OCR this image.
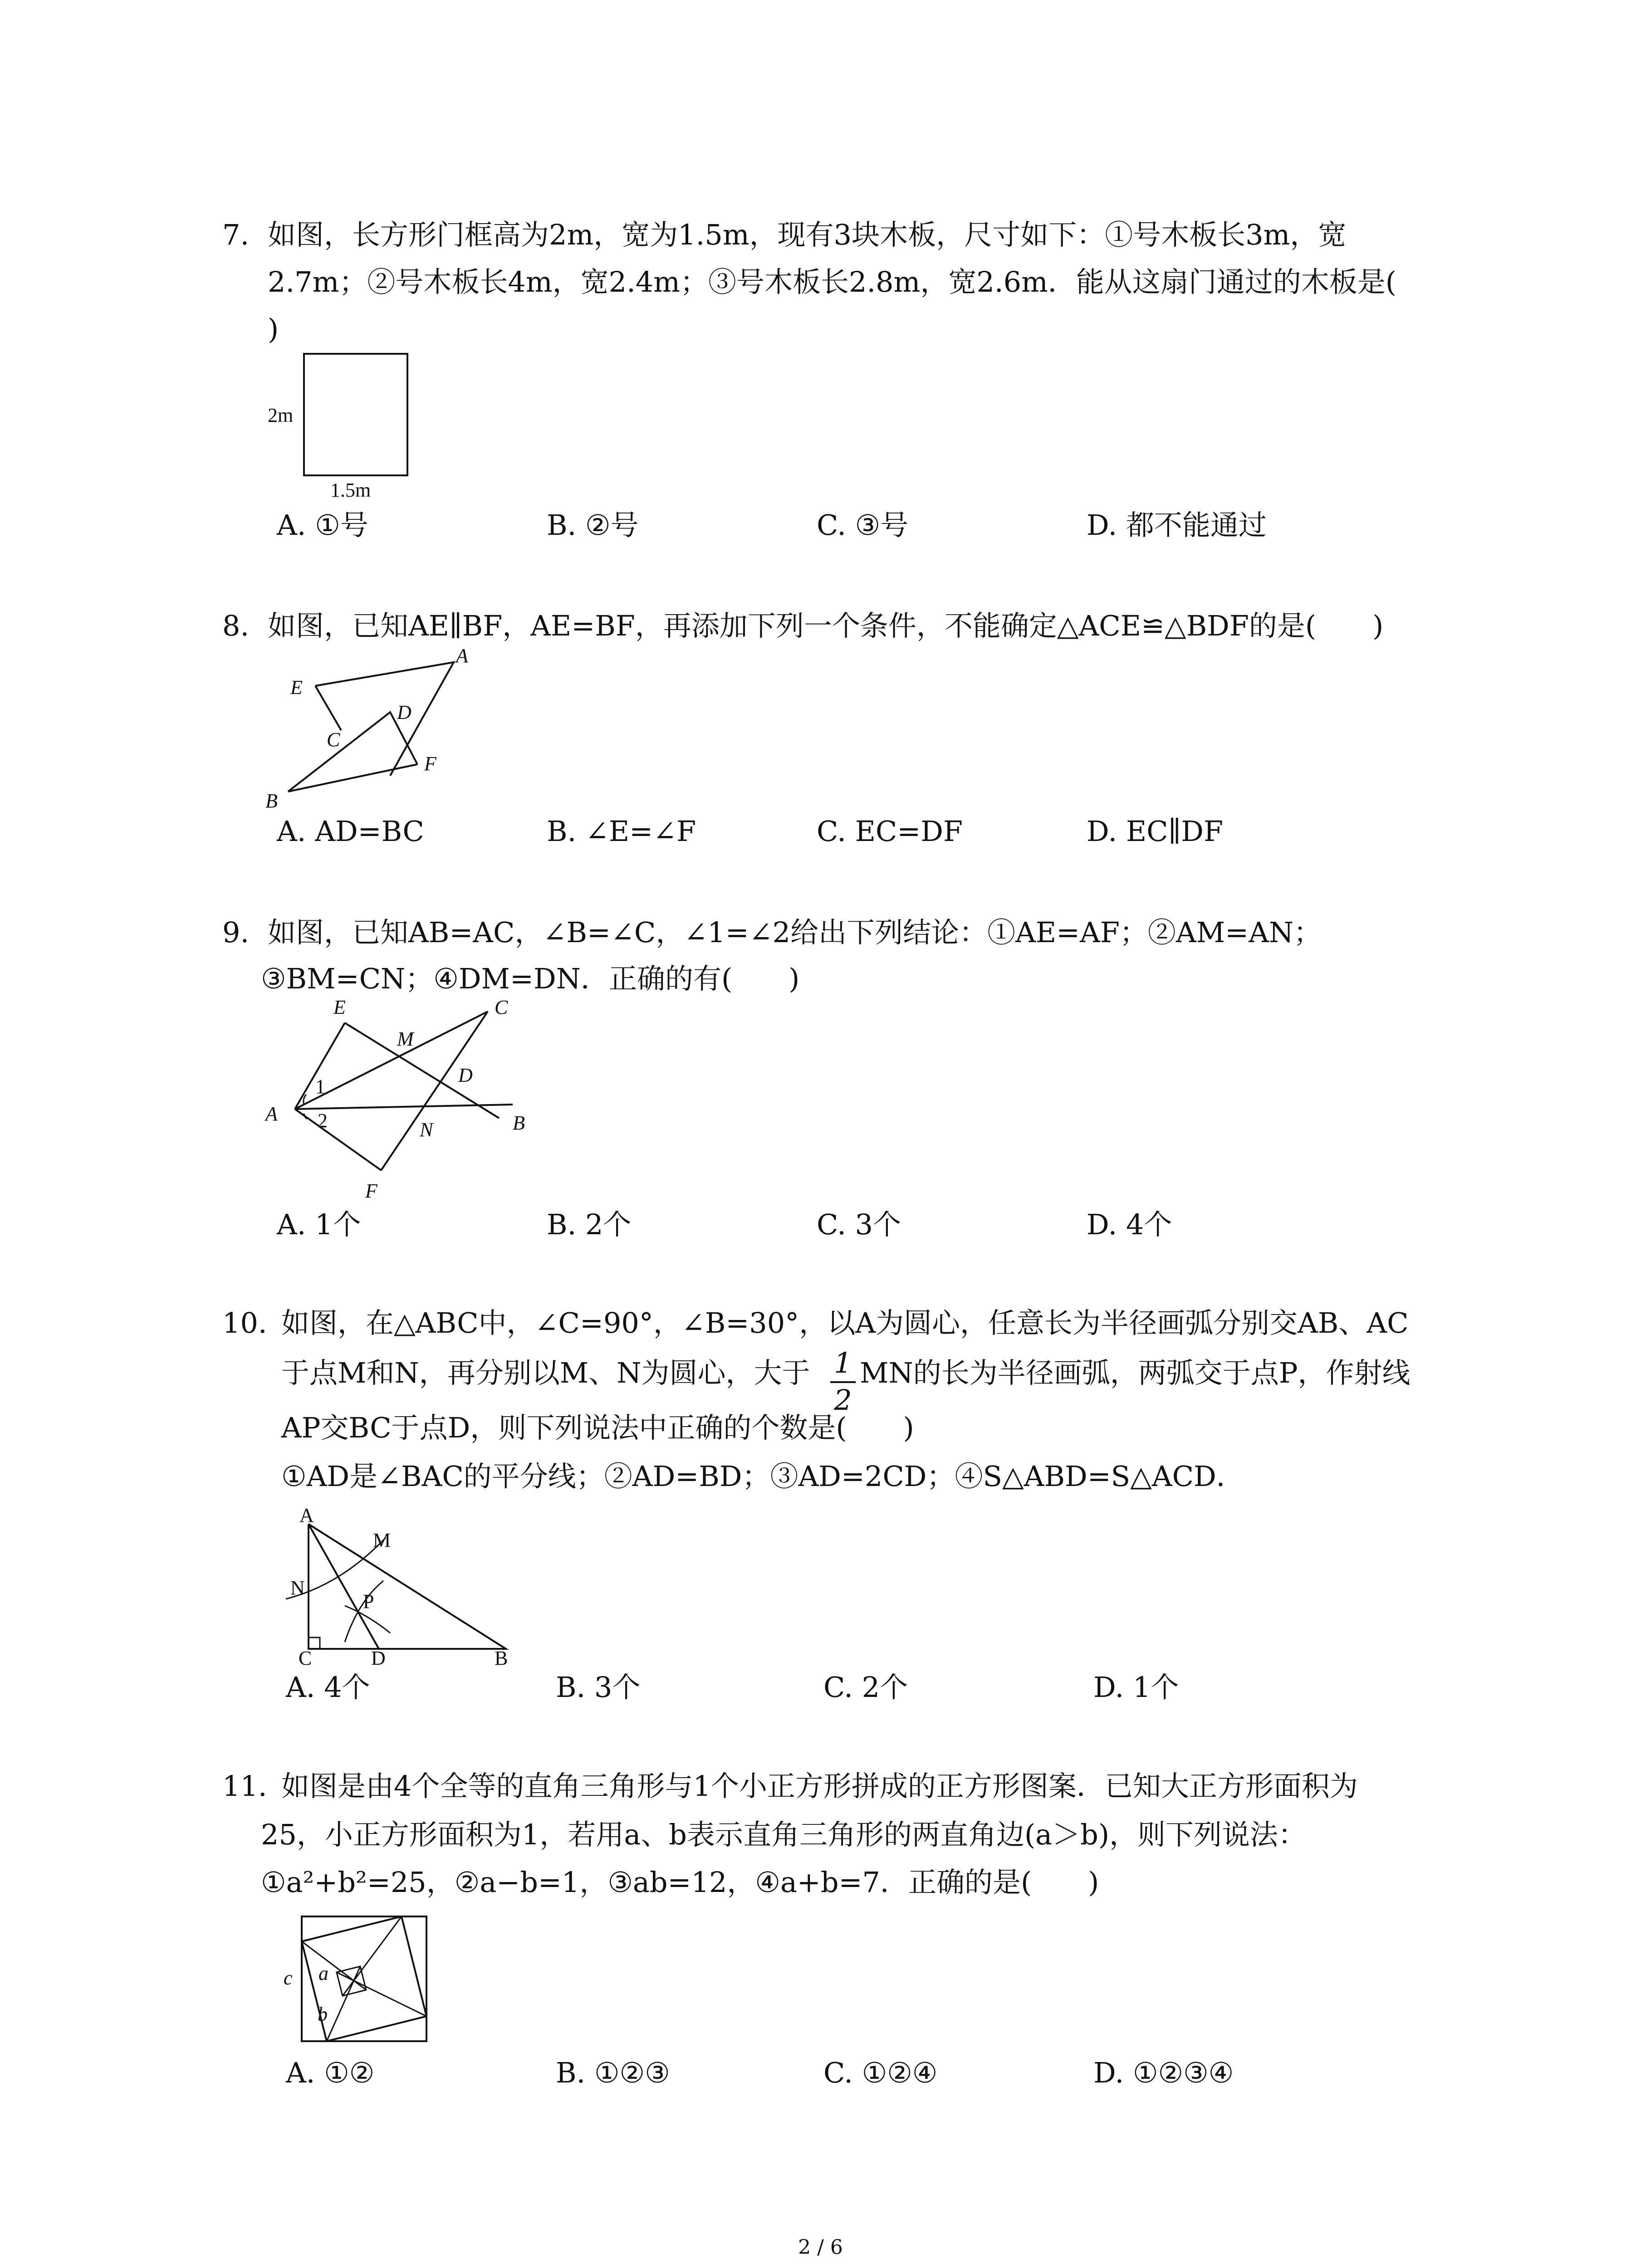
7. 如图，长方形门框高为2m，宽为1.5m，现有3块木板，尺寸如下：①号木板长3m，宽
2.7m；②号木板长4m，宽2.4m；③号木板长2.8m，宽2.6m．能从这扇门通过的木板是(
)
2m
1.5m
A. ①号	B. ②号	C. ③号	D. 都不能通过
8. 如图，已知AE∥BF，AE=BF，再添加下列一个条件，不能确定△ACE≌△BDF的是(　　)
E
A
C
D
F
B
A. AD=BC	B. ∠E=∠F	C. EC=DF	D. EC∥DF
9. 如图，已知AB=AC，∠B=∠C，∠1=∠2给出下列结论：①AE=AF；②AM=AN；
③BM=CN；④DM=DN．正确的有(　　)
E	C
M
D
1
A 2	N	B
F
A. 1个	B. 2个	C. 3个	D. 4个
10. 如图，在△ABC中，∠C=90°，∠B=30°，以A为圆心，任意长为半径画弧分别交AB、AC
于点M和N，再分别以M、N为圆心，大于 1
2
MN的长为半径画弧，两弧交于点P，作射线
AP交BC于点D，则下列说法中正确的个数是(　　)
①AD是∠BAC的平分线；②AD=BD；③AD=2CD；④S△ABD=S△ACD．
A
M
N
P
C	D	B
A. 4个	B. 3个	C. 2个	D. 1个
11. 如图是由4个全等的直角三角形与1个小正方形拼成的正方形图案．已知大正方形面积为
25，小正方形面积为1，若用a、b表示直角三角形的两直角边(a＞b)，则下列说法：
①a²+b²=25，②a−b=1，③ab=12，④a+b=7．正确的是(　　)
c a
b
A. ①②	B. ①②③	C. ①②④	D. ①②③④
2 / 6
